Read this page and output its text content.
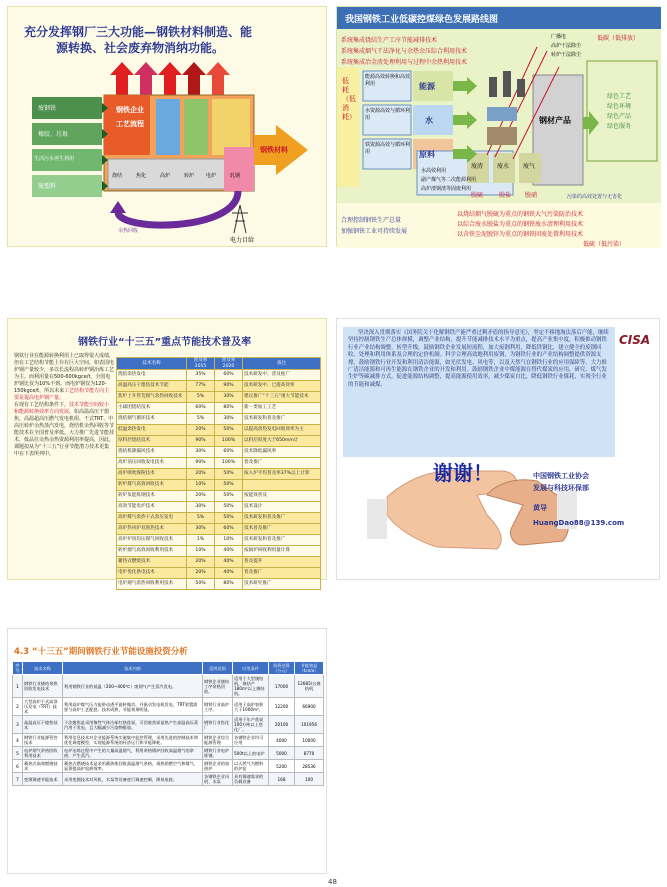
充分发挥钢厂三大功能—钢铁材料制造、能
源转换、社会废弃物消纳功能。
钢铁企业
工艺流程
废钢铁
橡胶、垃圾
生活污水再生利用
废塑料
钢铁材料
烧结	焦化	高炉	转炉 电炉	轧钢
电力目给
余热回收
我国钢铁工业低碳控煤绿色发展路线图
低碳（低排放）
系统集成烧结生产工序节能减排技术
系统集成烟气干法净化与余热余压综合利用技术
系统集成冶金渣处理利用与过程中余热利用技术
广播电
高炉干法除尘
转炉干法除尘
低耗（低消耗）
能源高效转换和高效利用
水资源高效与循环利用
铁资源高效与循环利用
能源
水
原料
钢材产品
绿色工艺
绿色环境
绿色产品
绿色服务
废渣 废水 废气
水高效利用
副产煤气等二次能源利用
高炉渣钢渣等固废利用
脱硫	脱盐 脱硝	污染的高效处置与无害化
合理控制钢铁生产总量
加强钢铁工业可持续发展
以烧结烟气脱硫为重点的钢铁大气污染防治技术
以综合废水脱盐为重点的钢铁废水清理利用技术
以含铁尘泥脱锌为重点的钢铁固废处置利用技术
低硫（低污染）
钢铁行业“十三五”重点节能技术普及率
钢铁行业在能源转换利用上已取得很大成绩，但在工艺结构节能上存在巨大空间。如表国电炉钢产量较少，多以长流程高转炉钢冶炼工艺为主。而利用量在500-600kgce/t，全国电炉钢比仅为10%不到。而电炉钢仅为120-150kgce/t，所以未来工艺结构节能方向主要是提高电炉钢产量。
在现有工艺结构条件下，技术节能空间较小和能源转换效率方向发展。如高温高压干熄焦，高温超高压燃气发电机组、干式TRT、中高压转炉余热蒸汽发电，烧结机余热回收等节能技术在全国普及率低。大力推广先进节能技术，低品位余热余热资源利用率提高，因此，课题拟从为“十三五”行业节能潜力技术更集中在下表所列中。
技术名称	普及率 2015	普及率 2020	备注
烧结余热发电	35%	60%	技术研发中、普及推广
高温高压干熄焦技术节能	77%	90%	技术研发中、已提高效率
焦炉上升管荒煤气余热回收技术	5%	30%	建议推广“十三五”重大节能技术
小球团烧结技术	60%	80%	新一类加工工艺
烧结烟气循环技术	5%	30%	技术研发和普及推广
低温余热发电	20%	50%	以提高余热发电回收效率为主
厚料层烧结技术	90%	100%	以料层厚度大于650mm计
烧结机降漏风技术	30%	60%	技术降低漏风率
高炉顶压回收发电技术	90%	100%	普及推广
高炉喷吹煤粉技术	20%	50%	按入炉平均普及率37%以上计算
转炉煤气高效回收技术	10%	50%	
转炉负能炼钢技术	20%	50%	按能效普及
高效节能电炉技术	30%	50%	技术设计
高炉煤气余热干式余压发电	5%	50%	技术研发和普及推广
高炉热风炉双预热技术	30%	60%	技术普及推广
高炉炉顶均压煤气回收技术	1%	10%	技术研发和普及推广
转炉烟气高效回收利用技术	10%	40%	按锅炉回收利用量计算
蓄热式燃烧技术	20%	40%	普及提升
电炉优化供电技术	20%	40%	普及推广
电炉烟气余热回收利用技术	50%	80%	技术研究推广
坚决深入贯彻落实《国务院关于化解钢铁产能严重过剩矛盾的指导意见》，坚定不移地淘汰落后产能，继续坚持控制钢铁生产总体规模，调整产业结构，提升节能减排技术水平为重点，提高产业集中度，积极推动钢铁行业产业结构调整，转型升级。鼓励钢铁企业发展短流程，加大废钢利用，降低铁钢比，建立健全的废钢回收、处理和利用体系及合理的定价机制。科学合理高效地利用废钢，为钢铁行业的产业结构调整提供资源支撑。鼓励钢铁行业开发和利用清洁能源，如光伏发电、风电等，以及天然气在钢铁行业的应用保障等。大力推广清洁能源和可再生能源在钢铁企业的开发和利用。鼓励钢铁企业中煤能源在替代煤炭的应用，研究、煤气发生炉等碳减排方式。促进能源结构调整，提高能源使用效率，减少煤炭自比，降低钢铁行业煤耗，实现全行业的节能和减煤。
CISA
谢谢！	中国钢铁工业协会
发展与科技环保部
黄导
HuangDao88@139.com
4.3 “十三五”期间钢铁行业节能设施投资分析
序号	技术名称	技术内容	适用范围	应用条件	投资估算（万元）	节能效益（tce/a）
1	钢铁行业烧结余热回收发电技术	利用钢铁行业的低温（200~400℃）废烟气产生蒸汽发电。	钢铁企业烧结工序余热回收。	适用于大型烧结机，烧结产180m²以上烧结机。	17000	12685/台烧结机
2	大型高炉干式高顶压发电（TRT）技术	利用高炉煤气压力能带动透平旋转做功，并驱动发电机发电，TRT装置需要与高炉工艺配套。技术成熟，节能效果明显。	钢铁行业高炉工序。	适用于高炉容积大于1000m³。	12200	66900
3	高温高压干熄焦技术	干法熄焦是采用惰性气体冷却红热焦炭，可回收焦炭显热产生高温高压蒸汽用于发电，且大幅减少污染物排放。	钢铁行业焦化厂	适用于年产焦炭100万吨以上焦化厂。	20100	101956
4	钢铁行业能源管控技术	利用信息技术对企业能源系统实施集中监控管理，采用先进的控制技术和优化调度模型，实现能源系统的经济运行和节能降耗。	钢铁企业综合能源管理	各钢铁企业均可应用	4000	10000
5	电炉烟气余热回收利用技术	电炉冶炼过程中产生的大量高温烟气，利用余热锅炉回收高温烟气的余热，产生蒸汽。	钢铁行业电炉炼钢。	500t以上的电炉	5000	8770
6	蓄热式高效燃烧技术	蓄热式燃烧技术是采用蓄热体回收高温烟气余热，预热助燃空气和煤气，显著提高炉窑热效率。	钢铁企业的加热炉	以天然气为燃料的炉窑	5200	28536
7	变频调速节能技术	采用变频技术对风机、水泵等设备进行调速控制，降低电耗。	各钢铁企业风机、水泵	具有调速需求的负载设备	168	100
48
